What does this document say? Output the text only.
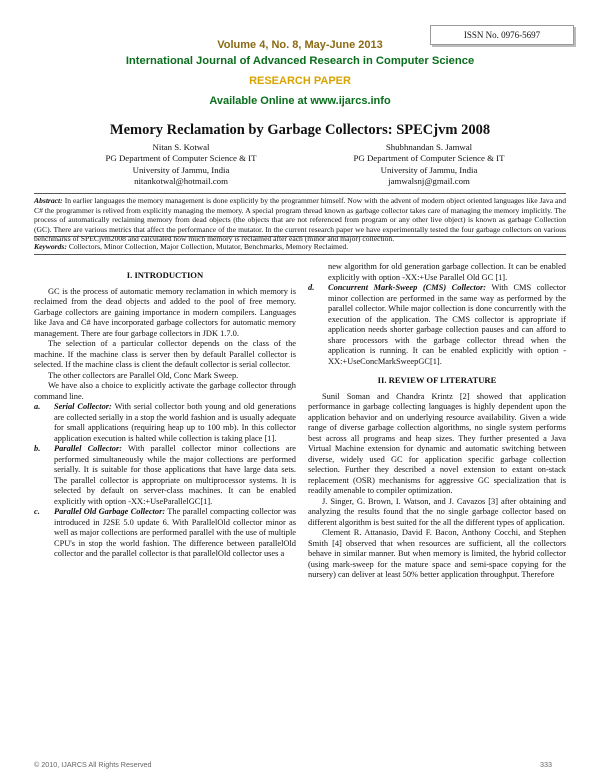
ISSN No. 0976-5697
Volume 4, No. 8, May-June 2013
International Journal of Advanced Research in Computer Science
RESEARCH PAPER
Available Online at www.ijarcs.info
Memory Reclamation by Garbage Collectors: SPECjvm 2008
Nitan S. Kotwal
PG Department of Computer Science & IT
University of Jammu, India
nitankotwal@hotmail.com
Shubhnandan S. Jamwal
PG Department of Computer Science & IT
University of Jammu, India
jamwalsnj@gmail.com
Abstract: In earlier languages the memory management is done explicitly by the programmer himself. Now with the advent of modern object oriented languages like Java and C# the programmer is relived from explicitly managing the memory. A special program thread known as garbage collector takes care of managing the memory implicitly. The process of automatically reclaiming memory from dead objects (the objects that are not referenced from program or any other live object) is known as garbage Collection (GC). There are various metrics that affect the performance of the mutator. In the current research paper we have experimentally tested the four garbage collectors on various benchmarks of SPECjvm2008 and calculated how much memory is reclaimed after each (minor and major) collection.
Keywords: Collectors, Minor Collection, Major Collection, Mutator, Benchmarks, Memory Reclaimed.

I. INTRODUCTION

GC is the process of automatic memory reclamation in which memory is reclaimed from the dead objects and added to the pool of free memory. Garbage collectors are gaining importance in modern compilers. Languages like Java and C# have incorporated garbage collectors for automatic memory management. There are four garbage collectors in JDK 1.7.0.

The selection of a particular collector depends on the class of the machine. If the machine class is server then by default Parallel collector is selected. If the machine class is client the default collector is serial collector.

The other collectors are Parallel Old, Conc Mark Sweep.

We have also a choice to explicitly activate the garbage collector through command line.

a.	Serial Collector: With serial collector both young and old generations are collected serially in a stop the world fashion and is usually adequate for small applications (requiring heap up to 100 mb). In this collector application execution is halted while collection is taking place [1].
b.	Parallel Collector: With parallel collector minor collections are performed simultaneously while the major collections are performed serially. It is suitable for those applications that have large data sets. The parallel collector is appropriate on multiprocessor systems. It is selected by default on server-class machines. It can be enabled explicitly with option -XX:+UseParallelGC[1].
c.	Parallel Old Garbage Collector: The parallel compacting collector was introduced in J2SE 5.0 update 6. With ParallelOld collector minor as well as major collections are performed parallel with the use of multiple CPU's in stop the world fashion. The difference between parallelOld collector and the parallel collector is that parallelOld collector uses a

new algorithm for old generation garbage collection. It can be enabled explicitly with option -XX:+Use Parallel Old GC [1].

d.	Concurrent Mark-Sweep (CMS) Collector: With CMS collector minor collection are performed in the same way as performed by the parallel collector. While major collection is done concurrently with the execution of the application. The CMS collector is appropriate if application needs shorter garbage collection pauses and can afford to share processors with the garbage collector thread when the application is running. It can be enabled explicitly with option -XX:+UseConcMarkSweepGC[1].

II. REVIEW OF LITERATURE

Sunil Soman and Chandra Krintz [2] showed that application performance in garbage collecting languages is highly dependent upon the application behavior and on underlying resource availability. Given a wide range of diverse garbage collection algorithms, no single system performs best across all programs and heap sizes. They further presented a Java Virtual Machine extension for dynamic and automatic switching between diverse, widely used GC for application specific garbage collection selection. Further they described a novel extension to extant on-stack replacement (OSR) mechanisms for aggressive GC specialization that is readily amenable to compiler optimization.

J. Singer, G. Brown, I. Watson, and J. Cavazos [3] after obtaining and analyzing the results found that the no single garbage collector based on different algorithm is best suited for the all the different types of application.

Clement R. Attanasio, David F. Bacon, Anthony Cocchi, and Stephen Smith [4] observed that when resources are sufficient, all the collectors behave in similar manner. But when memory is limited, the hybrid collector (using mark-sweep for the mature space and semi-space copying for the nursery) can deliver at least 50% better application throughput. Therefore

© 2010, IJARCS All Rights Reserved	333
